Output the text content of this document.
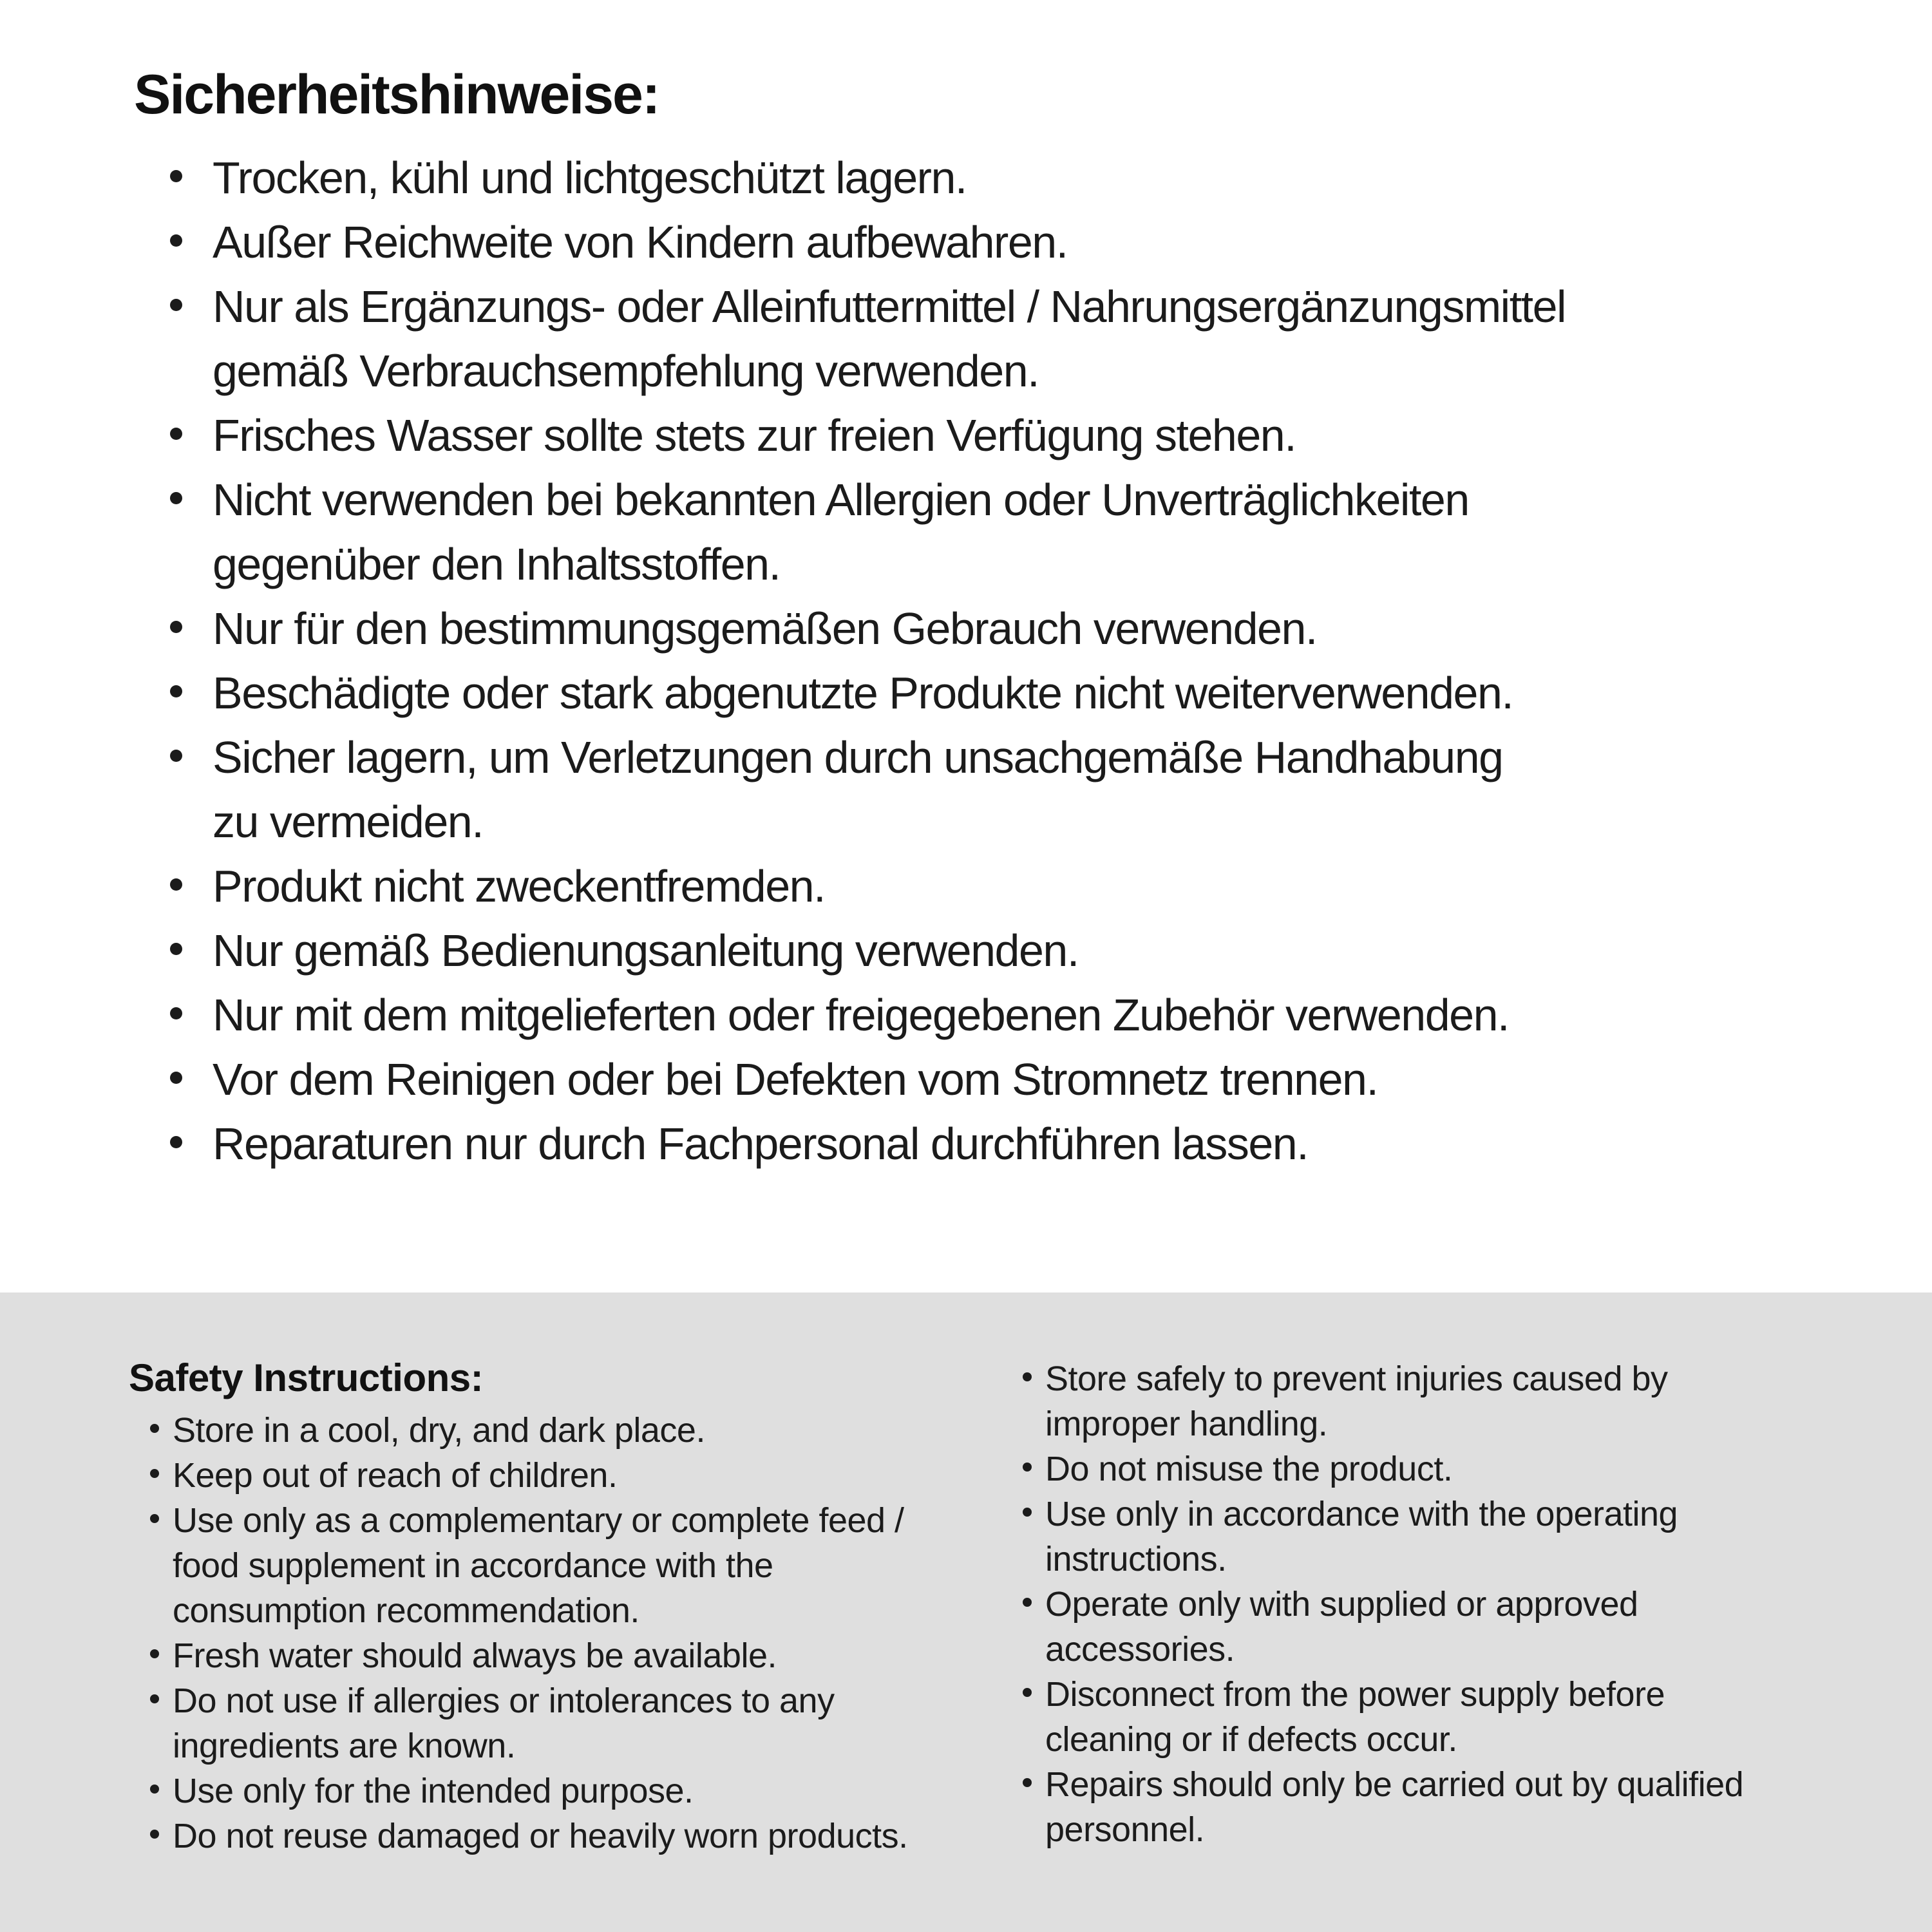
Sicherheitshinweise:
Trocken, kühl und lichtgeschützt lagern.
Außer Reichweite von Kindern aufbewahren.
Nur als Ergänzungs- oder Alleinfuttermittel / Nahrungsergänzungsmittel
gemäß Verbrauchsempfehlung verwenden.
Frisches Wasser sollte stets zur freien Verfügung stehen.
Nicht verwenden bei bekannten Allergien oder Unverträglichkeiten
gegenüber den Inhaltsstoffen.
Nur für den bestimmungsgemäßen Gebrauch verwenden.
Beschädigte oder stark abgenutzte Produkte nicht weiterverwenden.
Sicher lagern, um Verletzungen durch unsachgemäße Handhabung
zu vermeiden.
Produkt nicht zweckentfremden.
Nur gemäß Bedienungsanleitung verwenden.
Nur mit dem mitgelieferten oder freigegebenen Zubehör verwenden.
Vor dem Reinigen oder bei Defekten vom Stromnetz trennen.
Reparaturen nur durch Fachpersonal durchführen lassen.
Safety Instructions:
Store in a cool, dry, and dark place.
Keep out of reach of children.
Use only as a complementary or complete feed /
food supplement in accordance with the
consumption recommendation.
Fresh water should always be available.
Do not use if allergies or intolerances to any
ingredients are known.
Use only for the intended purpose.
Do not reuse damaged or heavily worn products.
Store safely to prevent injuries caused by
improper handling.
Do not misuse the product.
Use only in accordance with the operating
instructions.
Operate only with supplied or approved
accessories.
Disconnect from the power supply before
cleaning or if defects occur.
Repairs should only be carried out by qualified
personnel.
